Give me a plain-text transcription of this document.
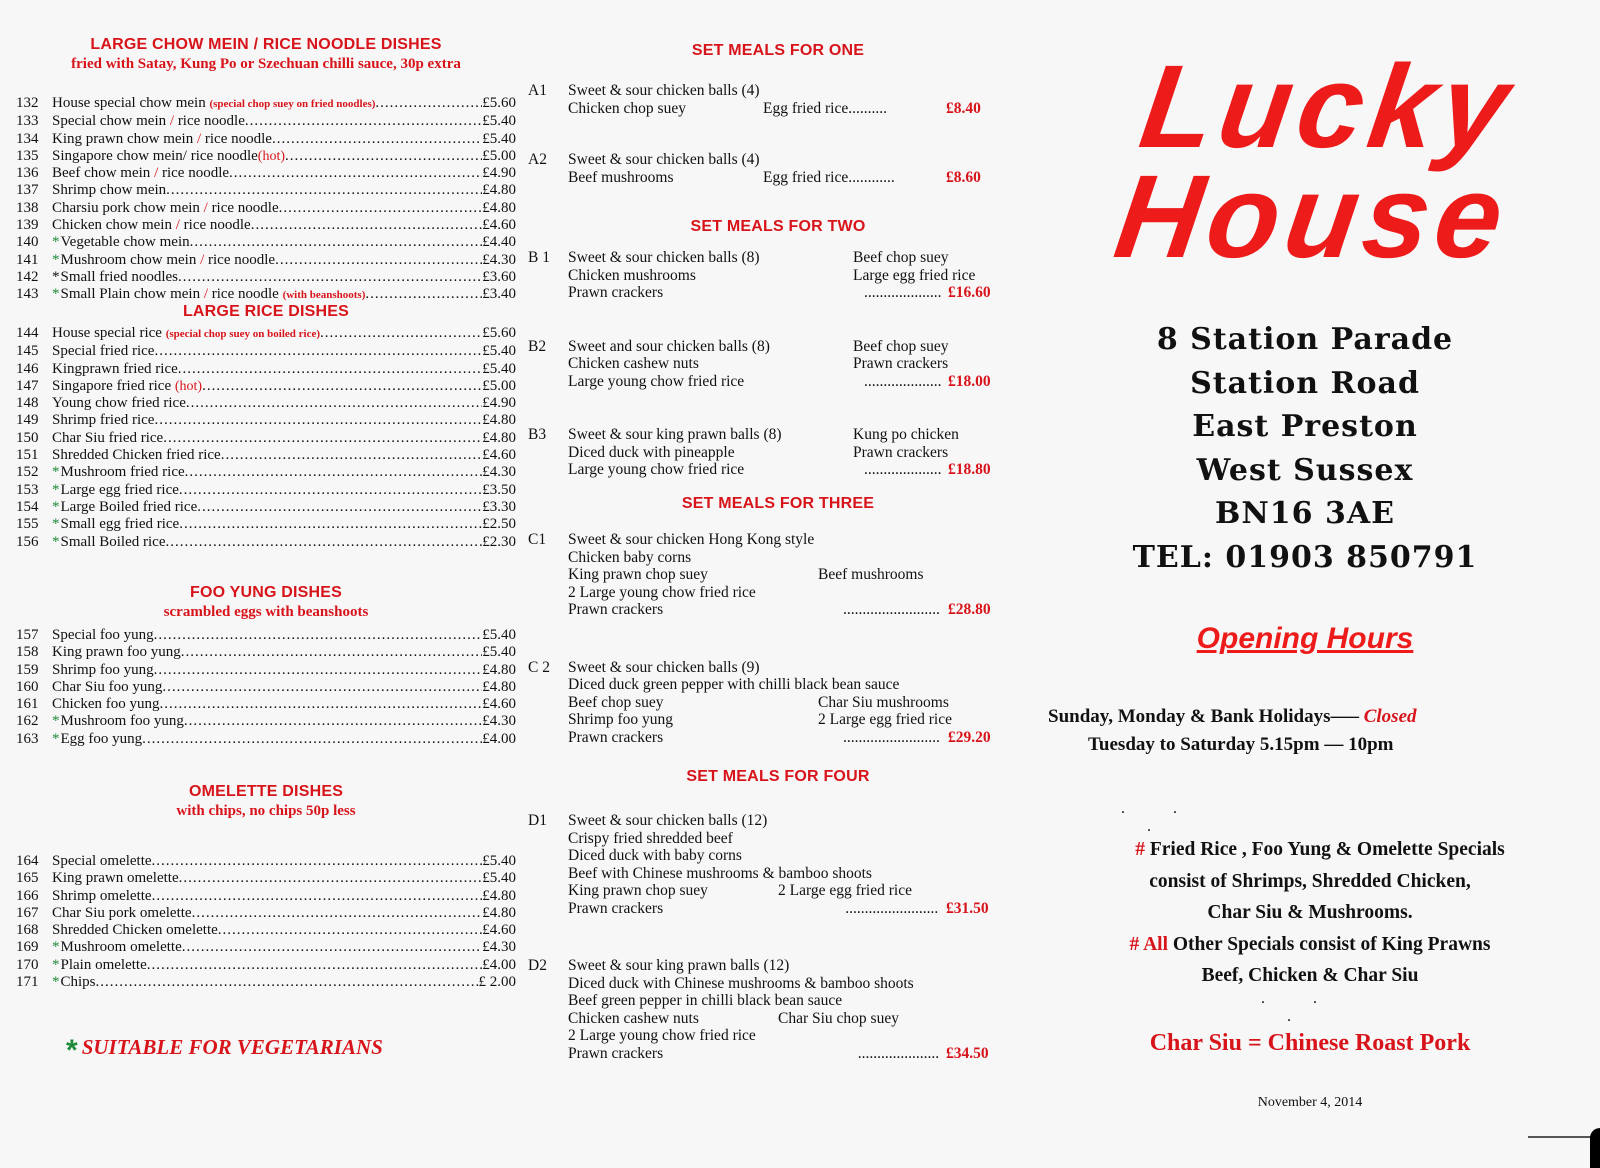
LARGE CHOW MEIN / RICE NOODLE DISHES
fried with Satay, Kung Po or Szechuan chilli sauce, 30p extra
132 House special chow mein (special chop suey on fried noodles) .....	£5.60
133 Special chow mein / rice noodle .....	£5.40
134 King prawn chow mein / rice noodle .....	£5.40
135 Singapore chow mein/ rice noodle(hot) .....	£5.00
136 Beef chow mein / rice noodle .....	£4.90
137 Shrimp chow mein .....	£4.80
138 Charsiu pork chow mein / rice noodle .....	£4.80
139 Chicken chow mein / rice noodle .....	£4.60
140 *Vegetable chow mein .....	£4.40
141 *Mushroom chow mein / rice noodle .....	£4.30
142 *Small fried noodles .....	£3.60
143 *Small Plain chow mein / rice noodle (with beanshoots) .....	£3.40
LARGE RICE DISHES
144 House special rice (special chop suey on boiled rice) .....	£5.60
145 Special fried rice .....	£5.40
146 Kingprawn fried rice .....	£5.40
147 Singapore fried rice (hot) .....	£5.00
148 Young chow fried rice .....	£4.90
149 Shrimp fried rice .....	£4.80
150 Char Siu fried rice .....	£4.80
151 Shredded Chicken fried rice .....	£4.60
152 *Mushroom fried rice .....	£4.30
153 *Large egg fried rice .....	£3.50
154 *Large Boiled fried rice .....	£3.30
155 *Small egg fried rice .....	£2.50
156 *Small Boiled rice .....	£2.30
FOO YUNG DISHES
scrambled eggs with beanshoots
157 Special foo yung .....	£5.40
158 King prawn foo yung .....	£5.40
159 Shrimp foo yung .....	£4.80
160 Char Siu foo yung .....	£4.80
161 Chicken foo yung .....	£4.60
162 *Mushroom foo yung .....	£4.30
163 *Egg foo yung .....	£4.00
OMELETTE DISHES
with chips, no chips 50p less
164 Special omelette .....	£5.40
165 King prawn omelette .....	£5.40
166 Shrimp omelette .....	£4.80
167 Char Siu pork omelette .....	£4.80
168 Shredded Chicken omelette .....	£4.60
169 *Mushroom omelette .....	£4.30
170 *Plain omelette .....	£4.00
171 *Chips .....	£ 2.00
* SUITABLE FOR VEGETARIANS
SET MEALS FOR ONE
A1	Sweet & sour chicken balls (4)
Chicken chop suey	Egg fried rice..........	£8.40
A2	Sweet & sour chicken balls (4)
Beef mushrooms	Egg fried rice............	£8.60
SET MEALS FOR TWO
B 1	Sweet & sour chicken balls (8)	Beef chop suey
Chicken mushrooms	Large egg fried rice
Prawn crackers	.................... £16.60
B2	Sweet and sour chicken balls (8)	Beef chop suey
Chicken cashew nuts	Prawn crackers
Large young chow fried rice	.................... £18.00
B3	Sweet & sour king prawn balls (8)	Kung po chicken
Diced duck with pineapple	Prawn crackers
Large young chow fried rice	.................... £18.80
SET MEALS FOR THREE
C1	Sweet & sour chicken Hong Kong style
Chicken baby corns
King prawn chop suey	Beef mushrooms
2 Large young chow fried rice
Prawn crackers	......................... £28.80
C 2	Sweet & sour chicken balls (9)
Diced duck green pepper with chilli black bean sauce
Beef chop suey	Char Siu mushrooms
Shrimp foo yung	2 Large egg fried rice
Prawn crackers	......................... £29.20
SET MEALS FOR FOUR
D1	Sweet & sour chicken balls (12)
Crispy fried shredded beef
Diced duck with baby corns
Beef with Chinese mushrooms & bamboo shoots
King prawn chop suey	2 Large egg fried rice
Prawn crackers	........................ £31.50
D2	Sweet & sour king prawn balls (12)
Diced duck with Chinese mushrooms & bamboo shoots
Beef green pepper in chilli black bean sauce
Chicken cashew nuts	Char Siu chop suey
2 Large young chow fried rice
Prawn crackers	..................... £34.50
Lucky
House
8 Station Parade
Station Road
East Preston
West Sussex
BN16 3AE
TEL: 01903 850791
Opening Hours
Sunday, Monday & Bank Holidays—– Closed
Tuesday to Saturday 5.15pm — 10pm
. . .
# Fried Rice , Foo Yung & Omelette Specials
consist of Shrimps, Shredded Chicken,
Char Siu & Mushrooms.
# All Other Specials consist of King Prawns
Beef, Chicken & Char Siu
. . .
Char Siu = Chinese Roast Pork
November 4, 2014
